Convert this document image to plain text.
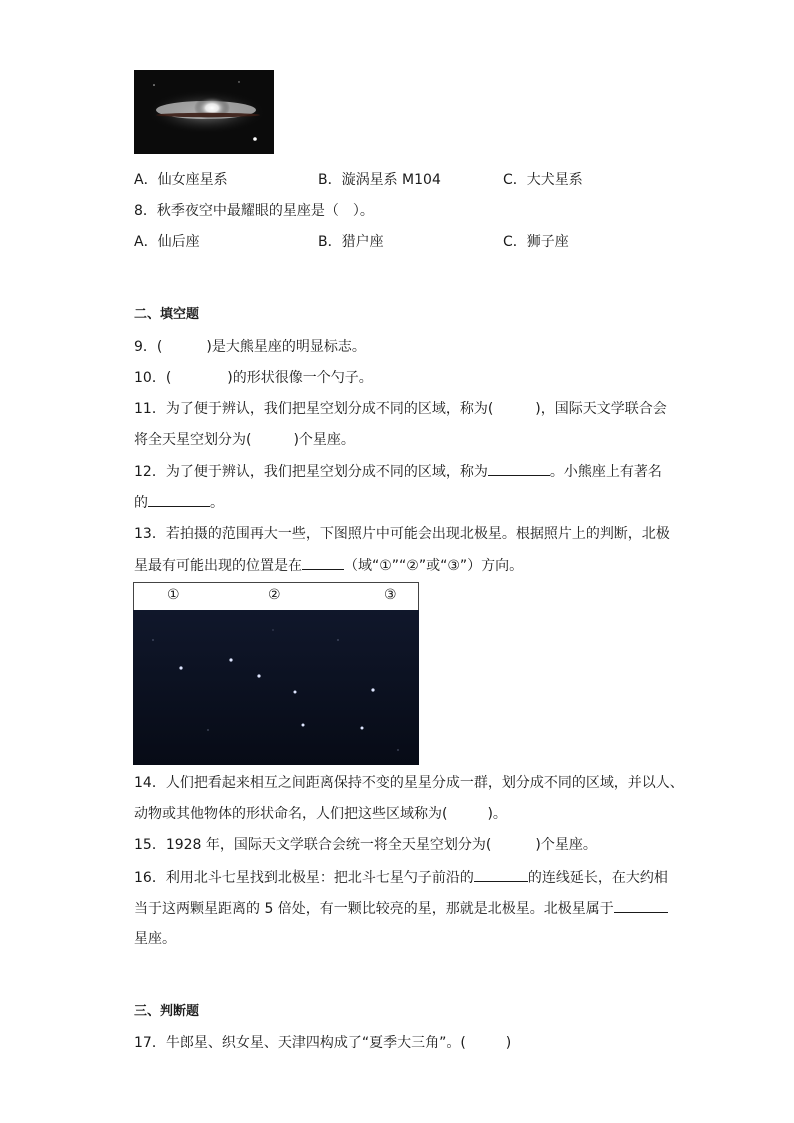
A．仙女座星系	B．漩涡星系 M104	C．大犬星系
8．秋季夜空中最耀眼的星座是（　）。
A．仙后座	B．猎户座	C．狮子座
二、填空题
9．(	)是大熊星座的明显标志。
10．(	)的形状很像一个勺子。
11．为了便于辨认，我们把星空划分成不同的区域，称为(	)，国际天文学联合会
将全天星空划分为(	)个星座。
12．为了便于辨认，我们把星空划分成不同的区域，称为	。小熊座上有著名
的	。
13．若拍摄的范围再大一些，下图照片中可能会出现北极星。根据照片上的判断，北极
星最有可能出现的位置是在	（域“①”“②”或“③”）方向。
①	②	③
14．人们把看起来相互之间距离保持不变的星星分成一群，划分成不同的区域，并以人、
动物或其他物体的形状命名，人们把这些区域称为(	)。
15．1928 年，国际天文学联合会统一将全天星空划分为(	)个星座。
16．利用北斗七星找到北极星：把北斗七星勺子前沿的	的连线延长，在大约相
当于这两颗星距离的 5 倍处，有一颗比较亮的星，那就是北极星。北极星属于
星座。
三、判断题
17．牛郎星、织女星、天津四构成了“夏季大三角”。(	)
